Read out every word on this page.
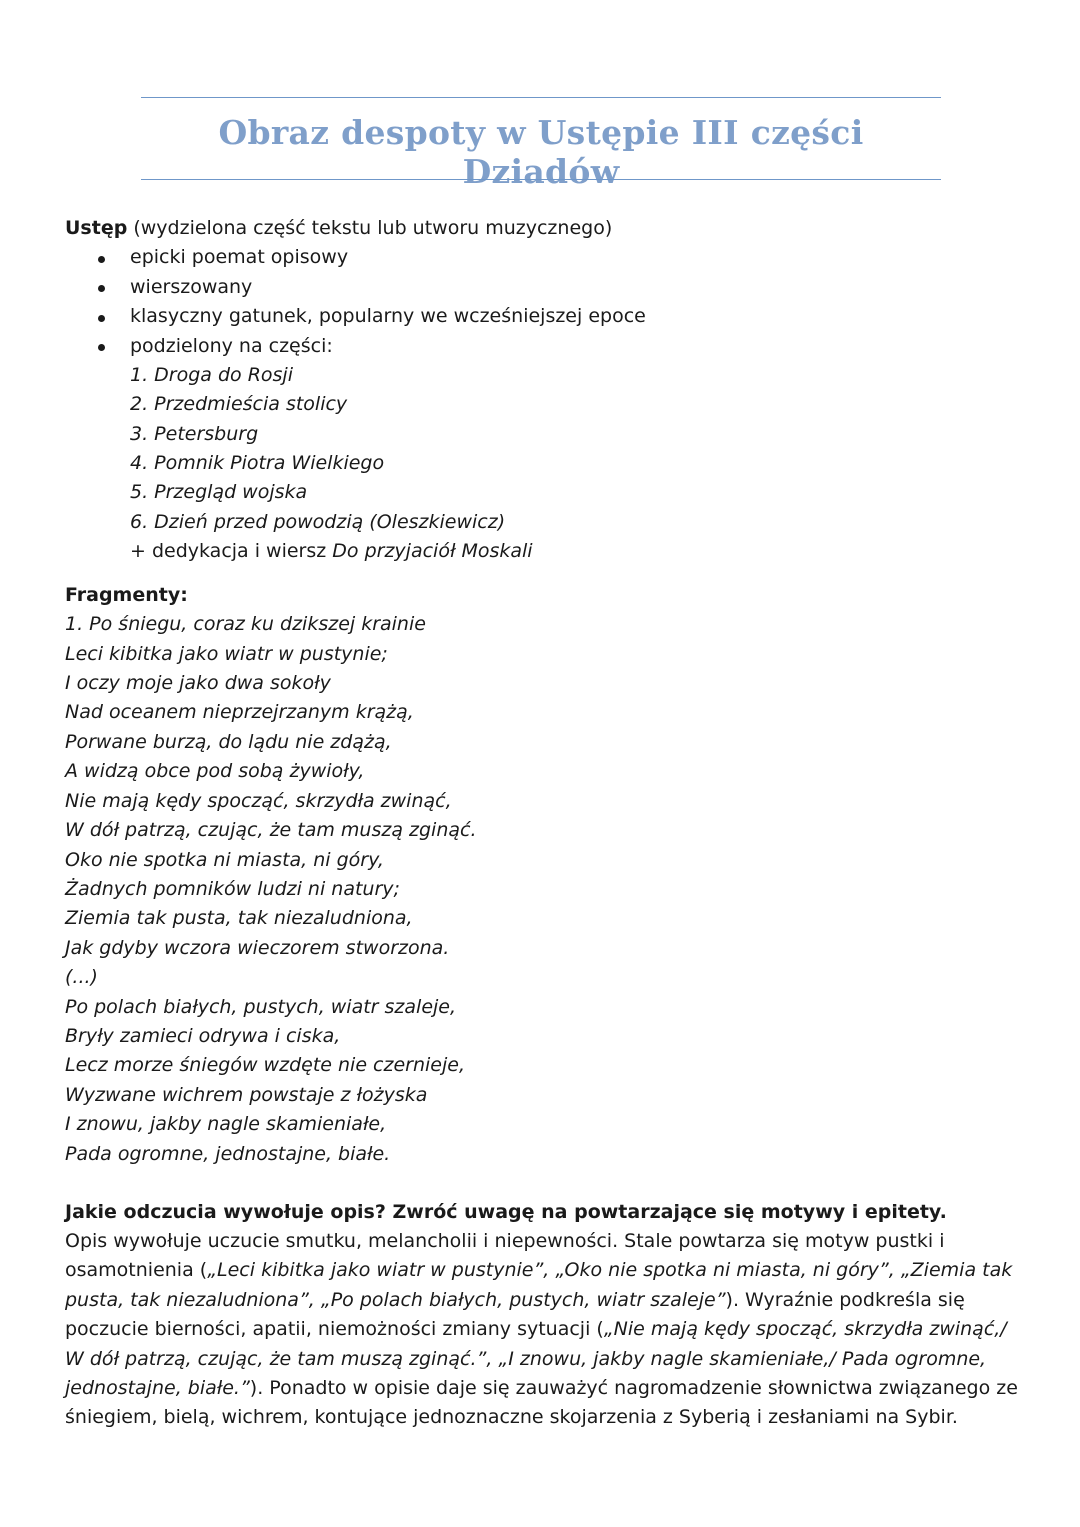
Obraz despoty w Ustępie III części Dziadów
Ustęp (wydzielona część tekstu lub utworu muzycznego)
epicki poemat opisowy
wierszowany
klasyczny gatunek, popularny we wcześniejszej epoce
podzielony na części:
1. Droga do Rosji
2. Przedmieścia stolicy
3. Petersburg
4. Pomnik Piotra Wielkiego
5. Przegląd wojska
6. Dzień przed powodzią (Oleszkiewicz)
+ dedykacja i wiersz Do przyjaciół Moskali
Fragmenty:
1. Po śniegu, coraz ku dzikszej krainie
Leci kibitka jako wiatr w pustynie;
I oczy moje jako dwa sokoły
Nad oceanem nieprzejrzanym krążą,
Porwane burzą, do lądu nie zdążą,
A widzą obce pod sobą żywioły,
Nie mają kędy spocząć, skrzydła zwinąć,
W dół patrzą, czując, że tam muszą zginąć.
Oko nie spotka ni miasta, ni góry,
Żadnych pomników ludzi ni natury;
Ziemia tak pusta, tak niezaludniona,
Jak gdyby wczora wieczorem stworzona.
(...)
Po polach białych, pustych, wiatr szaleje,
Bryły zamieci odrywa i ciska,
Lecz morze śniegów wzdęte nie czernieje,
Wyzwane wichrem powstaje z łożyska
I znowu, jakby nagle skamieniałe,
Pada ogromne, jednostajne, białe.
Jakie odczucia wywołuje opis? Zwróć uwagę na powtarzające się motywy i epitety.
Opis wywołuje uczucie smutku, melancholii i niepewności. Stale powtarza się motyw pustki i osamotnienia („Leci kibitka jako wiatr w pustynie”, „Oko nie spotka ni miasta, ni góry”, „Ziemia tak pusta, tak niezaludniona”, „Po polach białych, pustych, wiatr szaleje”). Wyraźnie podkreśla się poczucie bierności, apatii, niemożności zmiany sytuacji („Nie mają kędy spocząć, skrzydła zwinąć,/ W dół patrzą, czując, że tam muszą zginąć.”, „I znowu, jakby nagle skamieniałe,/ Pada ogromne, jednostajne, białe.”). Ponadto w opisie daje się zauważyć nagromadzenie słownictwa związanego ze śniegiem, bielą, wichrem, kontujące jednoznaczne skojarzenia z Syberią i zesłaniami na Sybir.
